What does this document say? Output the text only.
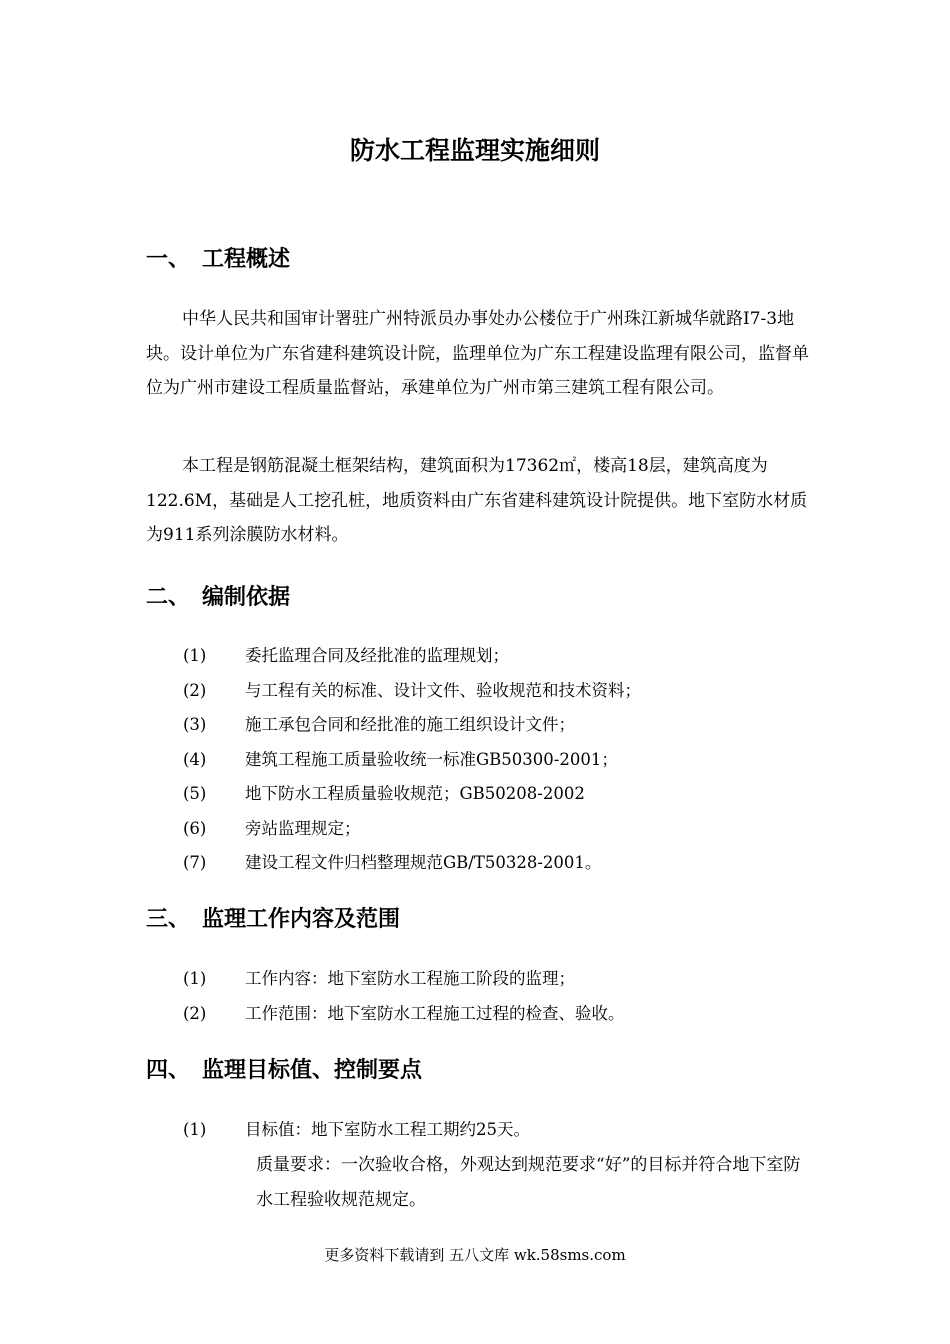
防水工程监理实施细则
一、 工程概述

中华人民共和国审计署驻广州特派员办事处办公楼位于广州珠江新城华就路I7-3地块。设计单位为广东省建科建筑设计院，监理单位为广东工程建设监理有限公司，监督单位为广州市建设工程质量监督站，承建单位为广州市第三建筑工程有限公司。

本工程是钢筋混凝土框架结构，建筑面积为17362㎡，楼高18层，建筑高度为122.6M，基础是人工挖孔桩，地质资料由广东省建科建筑设计院提供。地下室防水材质为911系列涂膜防水材料。

二、 编制依据
(1) 委托监理合同及经批准的监理规划；
(2) 与工程有关的标准、设计文件、验收规范和技术资料；
(3) 施工承包合同和经批准的施工组织设计文件；
(4) 建筑工程施工质量验收统一标准GB50300-2001；
(5) 地下防水工程质量验收规范；GB50208-2002
(6) 旁站监理规定；
(7) 建设工程文件归档整理规范GB/T50328-2001。
三、 监理工作内容及范围
(1) 工作内容：地下室防水工程施工阶段的监理；
(2) 工作范围：地下室防水工程施工过程的检查、验收。
四、 监理目标值、控制要点
(1) 目标值：地下室防水工程工期约25天。

质量要求：一次验收合格，外观达到规范要求“好”的目标并符合地下室防水工程验收规范规定。

更多资料下载请到 五八文库 wk.58sms.com
